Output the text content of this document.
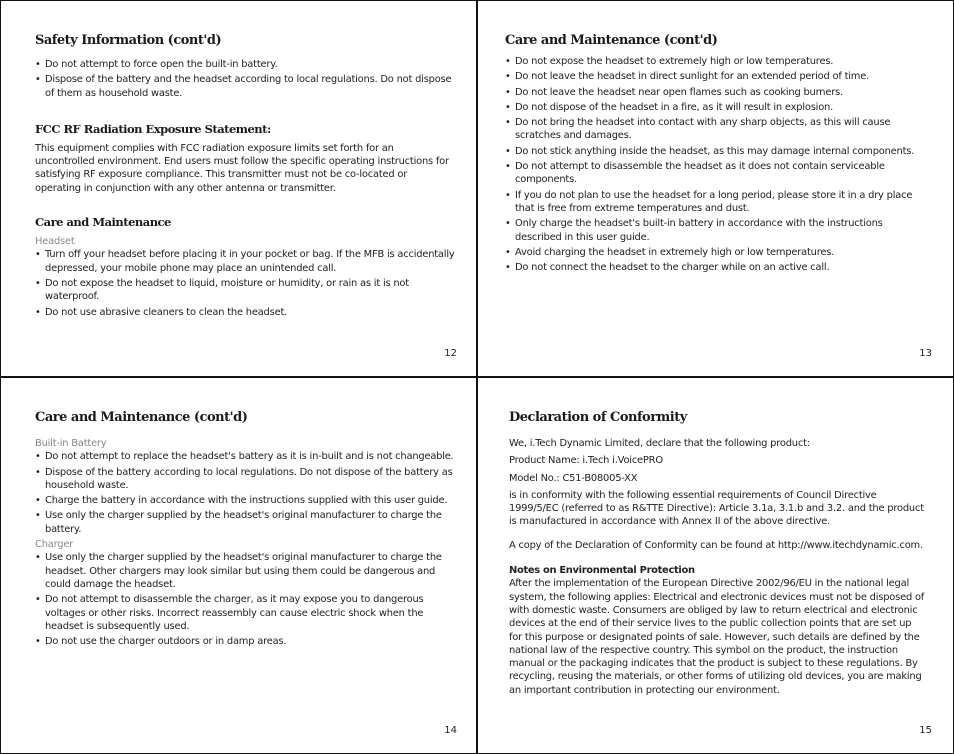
Safety Information (cont'd)
• Do not attempt to force open the built-in battery.
• Dispose of the battery and the headset according to local regulations. Do not dispose of them as household waste.
FCC RF Radiation Exposure Statement:

This equipment complies with FCC radiation exposure limits set forth for an uncontrolled environment. End users must follow the specific operating instructions for satisfying RF exposure compliance. This transmitter must not be co-located or operating in conjunction with any other antenna or transmitter.

Care and Maintenance
Headset
• Turn off your headset before placing it in your pocket or bag. If the MFB is accidentally depressed, your mobile phone may place an unintended call.
• Do not expose the headset to liquid, moisture or humidity, or rain as it is not waterproof.
• Do not use abrasive cleaners to clean the headset.
12
Care and Maintenance (cont'd)
• Do not expose the headset to extremely high or low temperatures.
• Do not leave the headset in direct sunlight for an extended period of time.
• Do not leave the headset near open flames such as cooking burners.
• Do not dispose of the headset in a fire, as it will result in explosion.
• Do not bring the headset into contact with any sharp objects, as this will cause scratches and damages.
• Do not stick anything inside the headset, as this may damage internal components.
• Do not attempt to disassemble the headset as it does not contain serviceable components.
• If you do not plan to use the headset for a long period, please store it in a dry place that is free from extreme temperatures and dust.
• Only charge the headset's built-in battery in accordance with the instructions described in this user guide.
• Avoid charging the headset in extremely high or low temperatures.
• Do not connect the headset to the charger while on an active call.
13
Care and Maintenance (cont'd)
Built-in Battery
• Do not attempt to replace the headset's battery as it is in-built and is not changeable.
• Dispose of the battery according to local regulations. Do not dispose of the battery as household waste.
• Charge the battery in accordance with the instructions supplied with this user guide.
• Use only the charger supplied by the headset's original manufacturer to charge the battery.
Charger
• Use only the charger supplied by the headset's original manufacturer to charge the headset. Other chargers may look similar but using them could be dangerous and could damage the headset.
• Do not attempt to disassemble the charger, as it may expose you to dangerous voltages or other risks. Incorrect reassembly can cause electric shock when the headset is subsequently used.
• Do not use the charger outdoors or in damp areas.
14
Declaration of Conformity

We, i.Tech Dynamic Limited, declare that the following product:

Product Name: i.Tech i.VoicePRO

Model No.: C51-B08005-XX

is in conformity with the following essential requirements of Council Directive 1999/5/EC (referred to as R&TTE Directive): Article 3.1a, 3.1.b and 3.2. and the product is manufactured in accordance with Annex II of the above directive.

A copy of the Declaration of Conformity can be found at http://www.itechdynamic.com.

Notes on Environmental Protection

After the implementation of the European Directive 2002/96/EU in the national legal system, the following applies: Electrical and electronic devices must not be disposed of with domestic waste. Consumers are obliged by law to return electrical and electronic devices at the end of their service lives to the public collection points that are set up for this purpose or designated points of sale. However, such details are defined by the national law of the respective country. This symbol on the product, the instruction manual or the packaging indicates that the product is subject to these regulations. By recycling, reusing the materials, or other forms of utilizing old devices, you are making an important contribution in protecting our environment.

15
